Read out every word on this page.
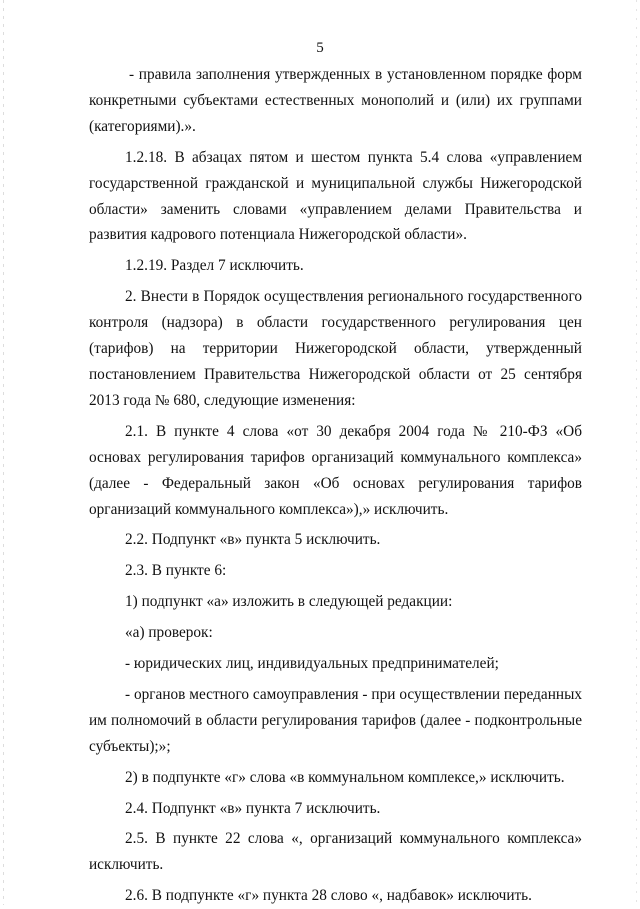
5

- правила заполнения утвержденных в установленном порядке форм конкретными субъектами естественных монополий и (или) их группами (категориями).».

1.2.18. В абзацах пятом и шестом пункта 5.4 слова «управлением государственной гражданской и муниципальной службы Нижегородской области» заменить словами «управлением делами Правительства и развития кадрового потенциала Нижегородской области».

1.2.19. Раздел 7 исключить.

2. Внести в Порядок осуществления регионального государственного контроля (надзора) в области государственного регулирования цен (тарифов) на территории Нижегородской области, утвержденный постановлением Правительства Нижегородской области от 25 сентября 2013 года № 680, следующие изменения:

2.1. В пункте 4 слова «от 30 декабря 2004 года № 210-ФЗ «Об основах регулирования тарифов организаций коммунального комплекса» (далее - Федеральный закон «Об основах регулирования тарифов организаций коммунального комплекса»),» исключить.

2.2. Подпункт «в» пункта 5 исключить.

2.3. В пункте 6:

1) подпункт «а» изложить в следующей редакции:

«а) проверок:

- юридических лиц, индивидуальных предпринимателей;

- органов местного самоуправления - при осуществлении переданных им полномочий в области регулирования тарифов (далее - подконтрольные субъекты);»;

2) в подпункте «г» слова «в коммунальном комплексе,» исключить.

2.4. Подпункт «в» пункта 7 исключить.

2.5. В пункте 22 слова «, организаций коммунального комплекса» исключить.

2.6. В подпункте «г» пункта 28 слово «, надбавок» исключить.
